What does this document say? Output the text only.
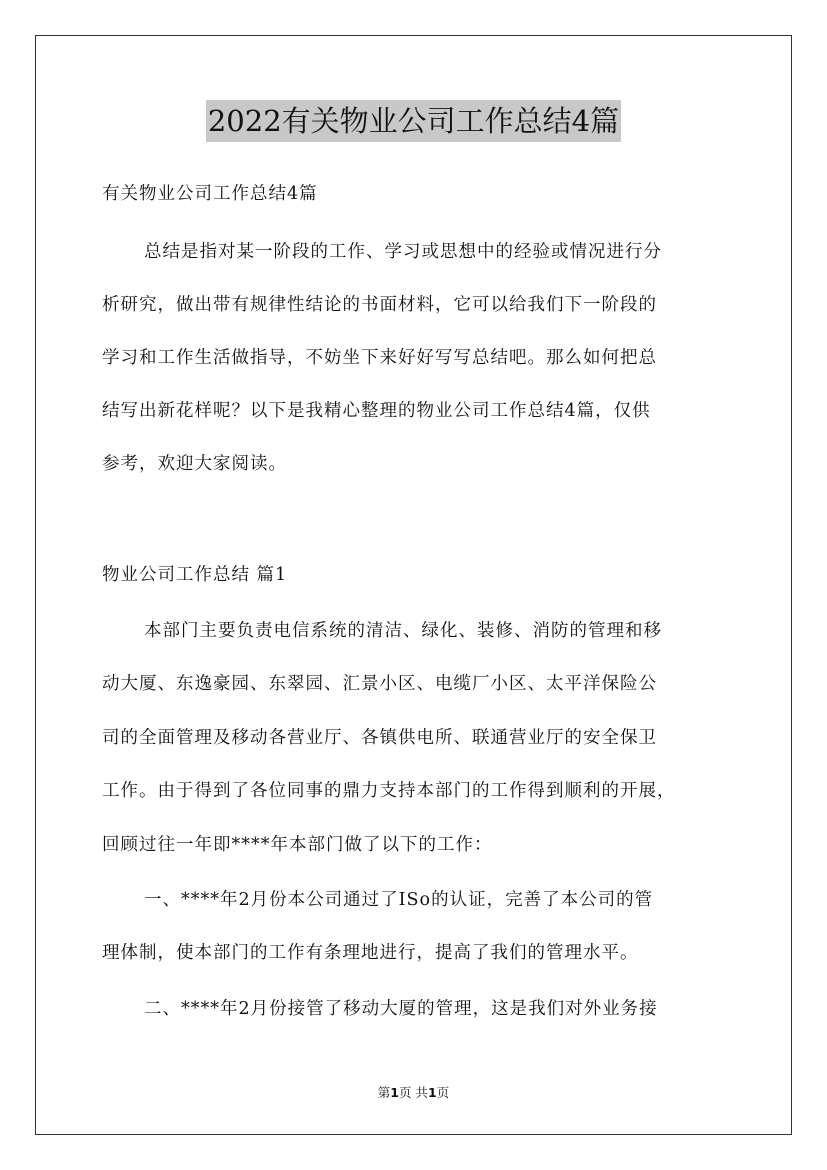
2022有关物业公司工作总结4篇
有关物业公司工作总结4篇
总结是指对某一阶段的工作、学习或思想中的经验或情况进行分
析研究，做出带有规律性结论的书面材料，它可以给我们下一阶段的
学习和工作生活做指导，不妨坐下来好好写写总结吧。那么如何把总
结写出新花样呢？以下是我精心整理的物业公司工作总结4篇，仅供
参考，欢迎大家阅读。
物业公司工作总结 篇1
本部门主要负责电信系统的清洁、绿化、装修、消防的管理和移
动大厦、东逸豪园、东翠园、汇景小区、电缆厂小区、太平洋保险公
司的全面管理及移动各营业厅、各镇供电所、联通营业厅的安全保卫
工作。由于得到了各位同事的鼎力支持本部门的工作得到顺利的开展，
回顾过往一年即****年本部门做了以下的工作：
一、****年2月份本公司通过了ISo的认证，完善了本公司的管
理体制，使本部门的工作有条理地进行，提高了我们的管理水平。
二、****年2月份接管了移动大厦的管理，这是我们对外业务接
第1页 共1页
